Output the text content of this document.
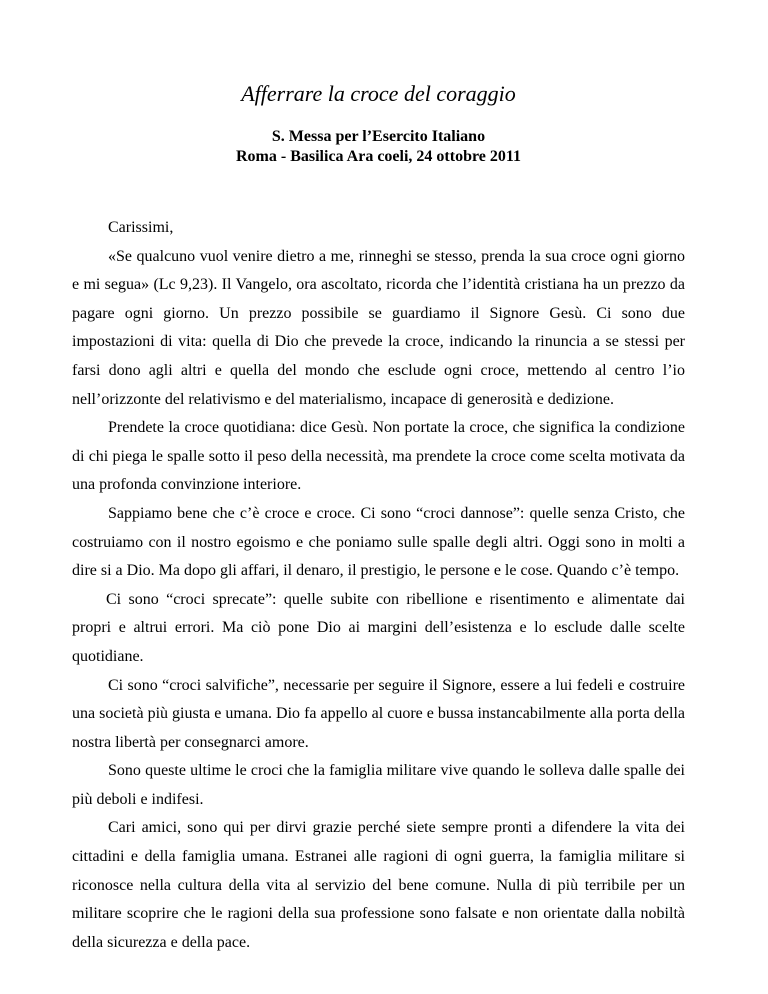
Afferrare la croce del coraggio
S. Messa per l’Esercito Italiano
Roma - Basilica Ara coeli, 24 ottobre 2011

Carissimi,

«Se qualcuno vuol venire dietro a me, rinneghi se stesso, prenda la sua croce ogni giorno e mi segua» (Lc 9,23). Il Vangelo, ora ascoltato, ricorda che l’identità cristiana ha un prezzo da pagare ogni giorno. Un prezzo possibile se guardiamo il Signore Gesù. Ci sono due impostazioni di vita: quella di Dio che prevede la croce, indicando la rinuncia a se stessi per farsi dono agli altri e quella del mondo che esclude ogni croce, mettendo al centro l’io nell’orizzonte del relativismo e del materialismo, incapace di generosità e dedizione.

Prendete la croce quotidiana: dice Gesù. Non portate la croce, che significa la condizione di chi piega le spalle sotto il peso della necessità, ma prendete la croce come scelta motivata da una profonda convinzione interiore.

Sappiamo bene che c’è croce e croce. Ci sono “croci dannose”: quelle senza Cristo, che costruiamo con il nostro egoismo e che poniamo sulle spalle degli altri. Oggi sono in molti a dire si a Dio. Ma dopo gli affari, il denaro, il prestigio, le persone e le cose. Quando c’è tempo.

Ci sono “croci sprecate”: quelle subite con ribellione e risentimento e alimentate dai propri e altrui errori. Ma ciò pone Dio ai margini dell’esistenza e lo esclude dalle scelte quotidiane.

Ci sono “croci salvifiche”, necessarie per seguire il Signore, essere a lui fedeli e costruire una società più giusta e umana. Dio fa appello al cuore e bussa instancabilmente alla porta della nostra libertà per consegnarci amore.

Sono queste ultime le croci che la famiglia militare vive quando le solleva dalle spalle dei più deboli e indifesi.

Cari amici, sono qui per dirvi grazie perché siete sempre pronti a difendere la vita dei cittadini e della famiglia umana. Estranei alle ragioni di ogni guerra, la famiglia militare si riconosce nella cultura della vita al servizio del bene comune. Nulla di più terribile per un militare scoprire che le ragioni della sua professione sono falsate e non orientate dalla nobiltà della sicurezza e della pace.
